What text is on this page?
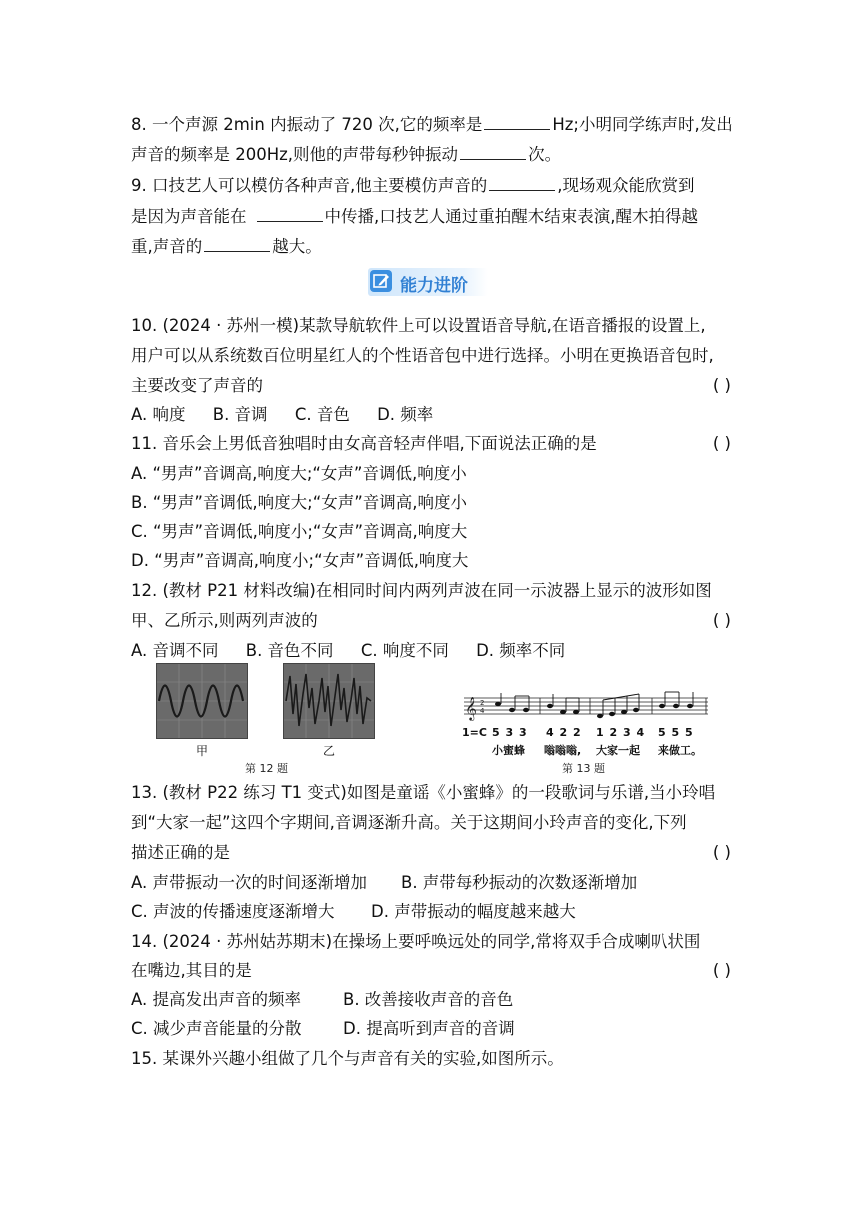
8. 一个声源 2min 内振动了 720 次,它的频率是	Hz;小明同学练声时,发出
声音的频率是 200Hz,则他的声带每秒钟振动	次。
9. 口技艺人可以模仿各种声音,他主要模仿声音的	,现场观众能欣赏到
是因为声音能在	中传播,口技艺人通过重拍醒木结束表演,醒木拍得越
重,声音的	越大。
能力进阶
10. (2024 · 苏州一模)某款导航软件上可以设置语音导航,在语音播报的设置上,
用户可以从系统数百位明星红人的个性语音包中进行选择。小明在更换语音包时,
主要改变了声音的	( )
A. 响度 B. 音调 C. 音色 D. 频率
11. 音乐会上男低音独唱时由女高音轻声伴唱,下面说法正确的是	( )
A. “男声”音调高,响度大;“女声”音调低,响度小
B. “男声”音调低,响度大;“女声”音调高,响度小
C. “男声”音调低,响度小;“女声”音调高,响度大
D. “男声”音调高,响度小;“女声”音调低,响度大
12. (教材 P21 材料改编)在相同时间内两列声波在同一示波器上显示的波形如图
甲、乙所示,则两列声波的	( )
A. 音调不同 B. 音色不同 C. 响度不同 D. 频率不同
甲	乙
第 12 题
𝄞 2
4
1=C 5 3 3 4 2 2 1 2 3 4 5 5 5
小蜜蜂 嗡嗡嗡, 大家一起 来做工。
第 13 题
13. (教材 P22 练习 T1 变式)如图是童谣《小蜜蜂》的一段歌词与乐谱,当小玲唱
到“大家一起”这四个字期间,音调逐渐升高。关于这期间小玲声音的变化,下列
描述正确的是	( )
A. 声带振动一次的时间逐渐增加 B. 声带每秒振动的次数逐渐增加
C. 声波的传播速度逐渐增大 D. 声带振动的幅度越来越大
14. (2024 · 苏州姑苏期末)在操场上要呼唤远处的同学,常将双手合成喇叭状围
在嘴边,其目的是	( )
A. 提高发出声音的频率	B. 改善接收声音的音色
C. 减少声音能量的分散	D. 提高听到声音的音调
15. 某课外兴趣小组做了几个与声音有关的实验,如图所示。
